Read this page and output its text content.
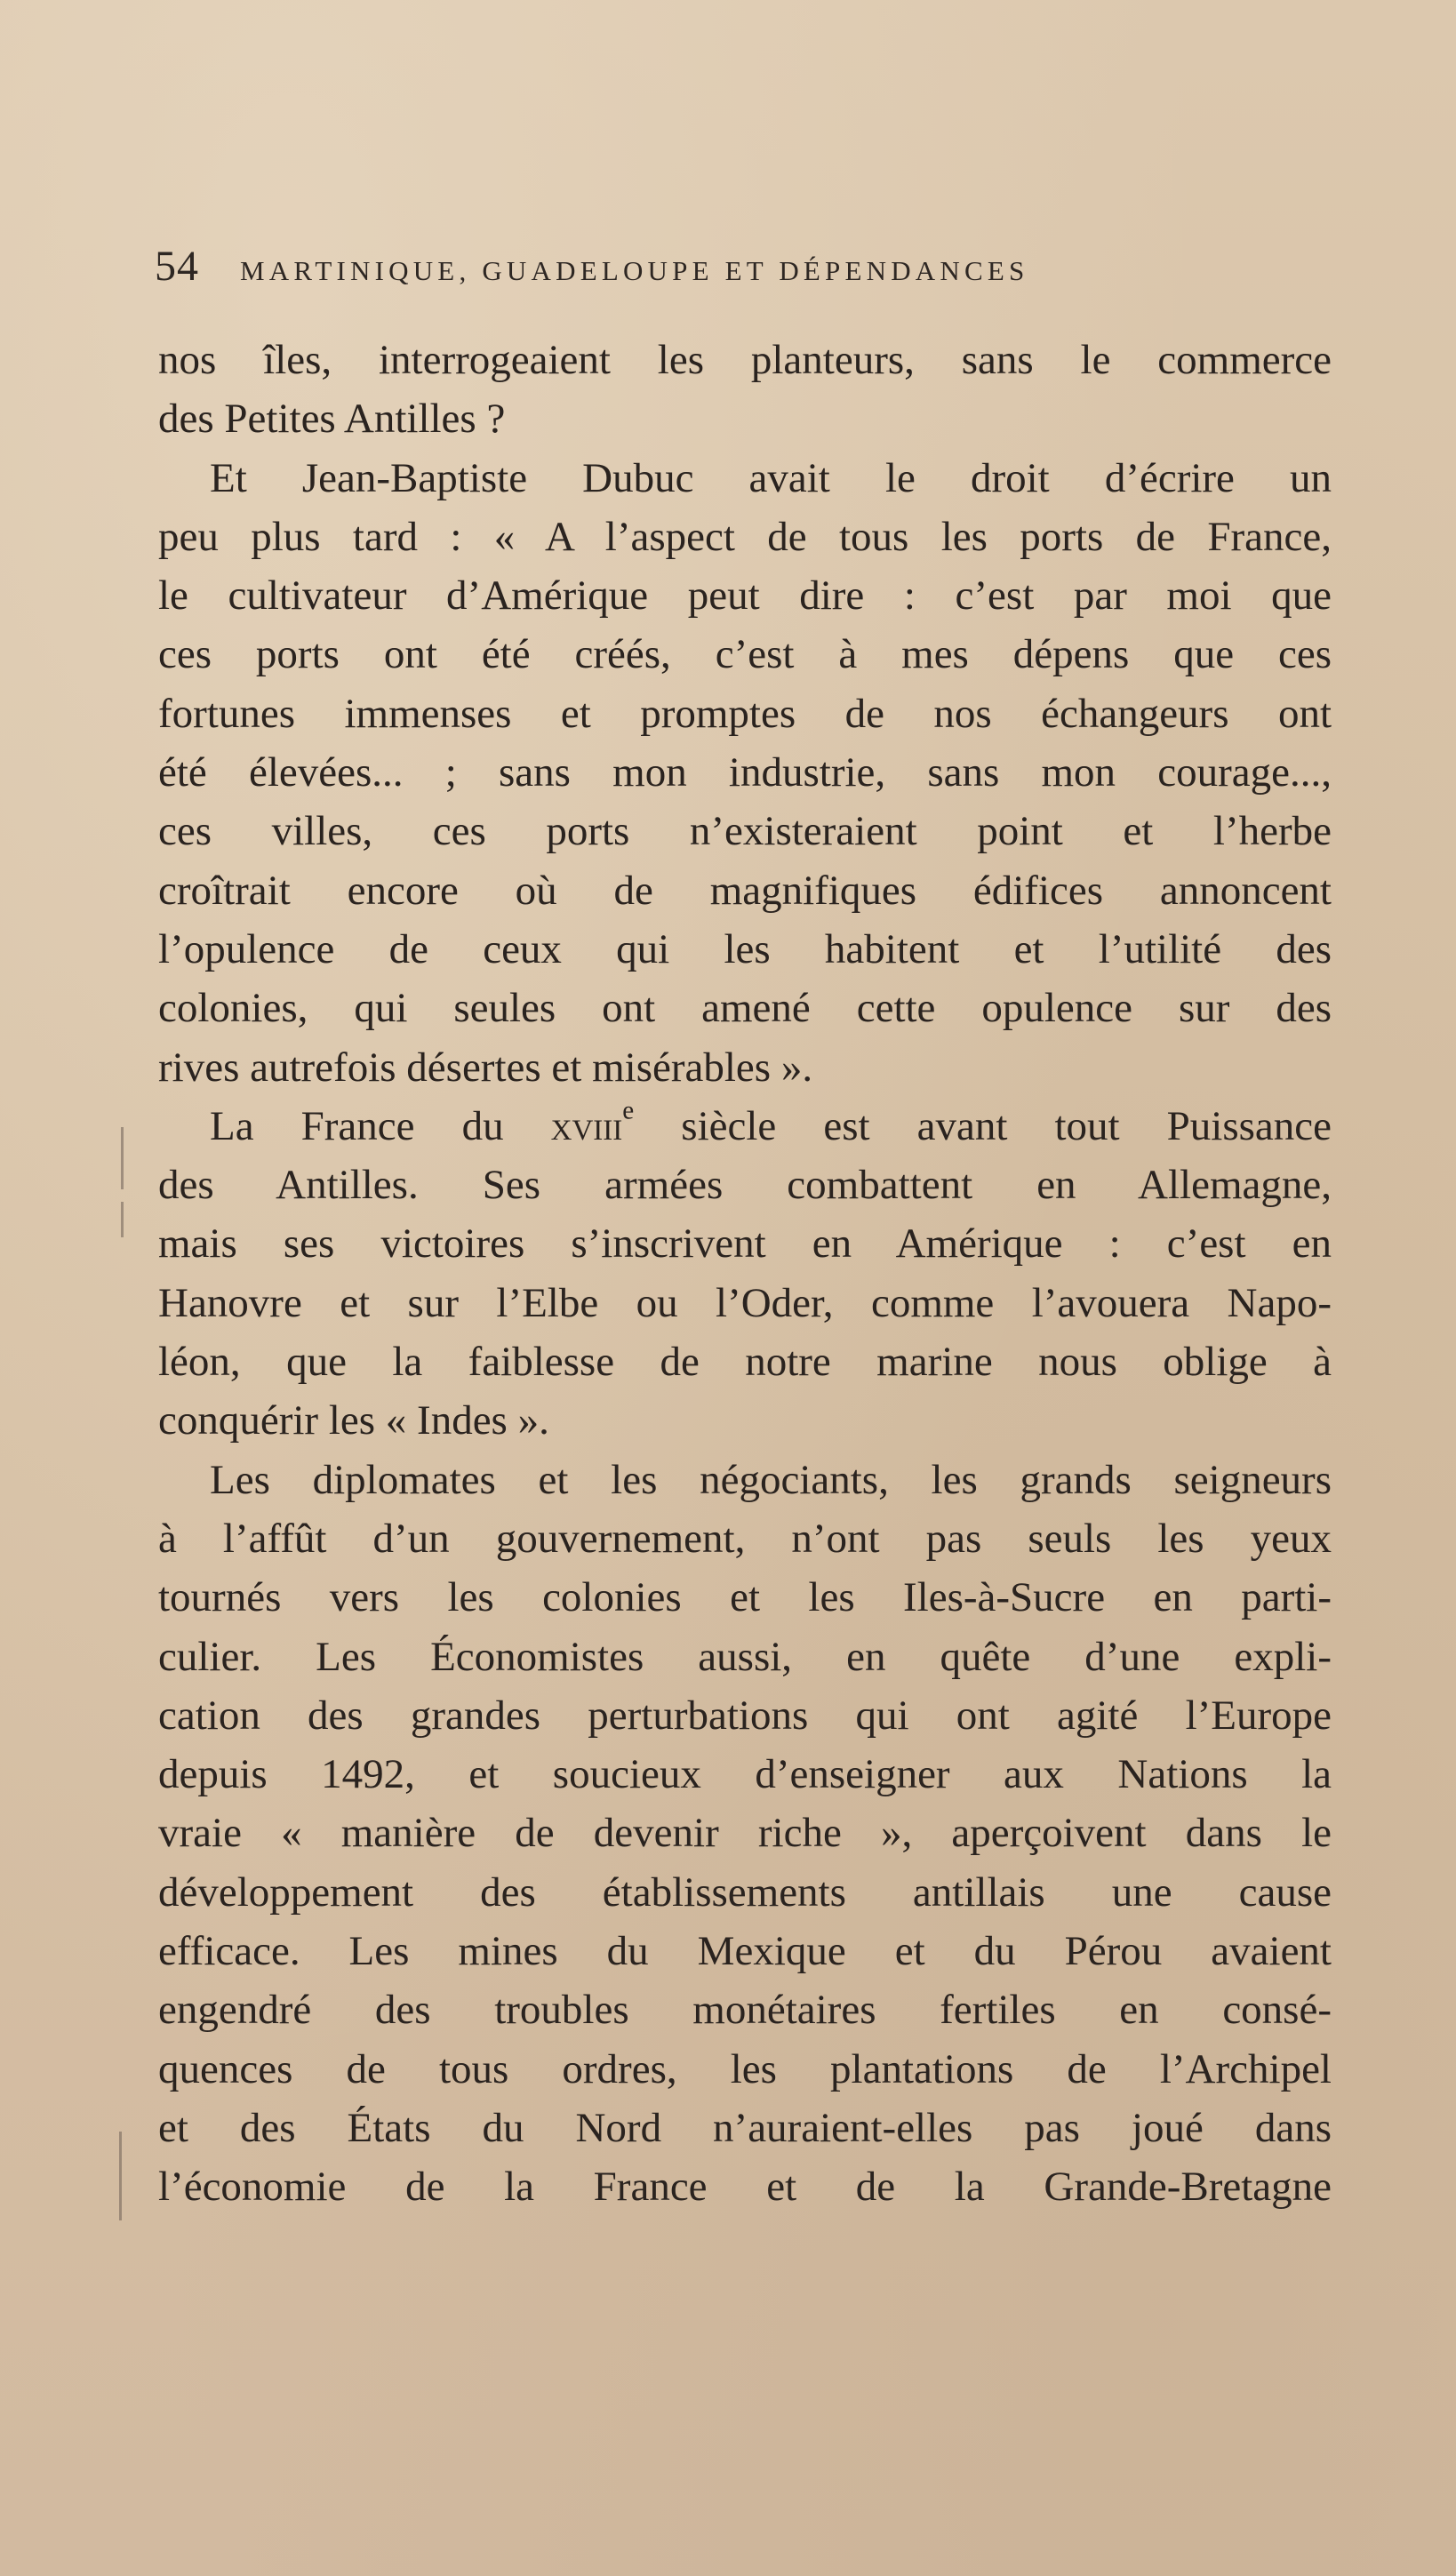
54 MARTINIQUE, GUADELOUPE ET DÉPENDANCES
nos îles, interrogeaient les planteurs, sans le commerce
des Petites Antilles ?
Et Jean-Baptiste Dubuc avait le droit d’écrire un
peu plus tard : « A l’aspect de tous les ports de France,
le cultivateur d’Amérique peut dire : c’est par moi que
ces ports ont été créés, c’est à mes dépens que ces
fortunes immenses et promptes de nos échangeurs ont
été élevées... ; sans mon industrie, sans mon courage...,
ces villes, ces ports n’existeraient point et l’herbe
croîtrait encore où de magnifiques édifices annoncent
l’opulence de ceux qui les habitent et l’utilité des
colonies, qui seules ont amené cette opulence sur des
rives autrefois désertes et misérables ».
La France du xviii$^e$ siècle est avant tout Puissance
des Antilles. Ses armées combattent en Allemagne,
mais ses victoires s’inscrivent en Amérique : c’est en
Hanovre et sur l’Elbe ou l’Oder, comme l’avouera Napo-
léon, que la faiblesse de notre marine nous oblige à
conquérir les « Indes ».
Les diplomates et les négociants, les grands seigneurs
à l’affût d’un gouvernement, n’ont pas seuls les yeux
tournés vers les colonies et les Iles-à-Sucre en parti-
culier. Les Économistes aussi, en quête d’une expli-
cation des grandes perturbations qui ont agité l’Europe
depuis 1492, et soucieux d’enseigner aux Nations la
vraie « manière de devenir riche », aperçoivent dans le
développement des établissements antillais une cause
efficace. Les mines du Mexique et du Pérou avaient
engendré des troubles monétaires fertiles en consé-
quences de tous ordres, les plantations de l’Archipel
et des États du Nord n’auraient-elles pas joué dans
l’économie de la France et de la Grande-Bretagne
